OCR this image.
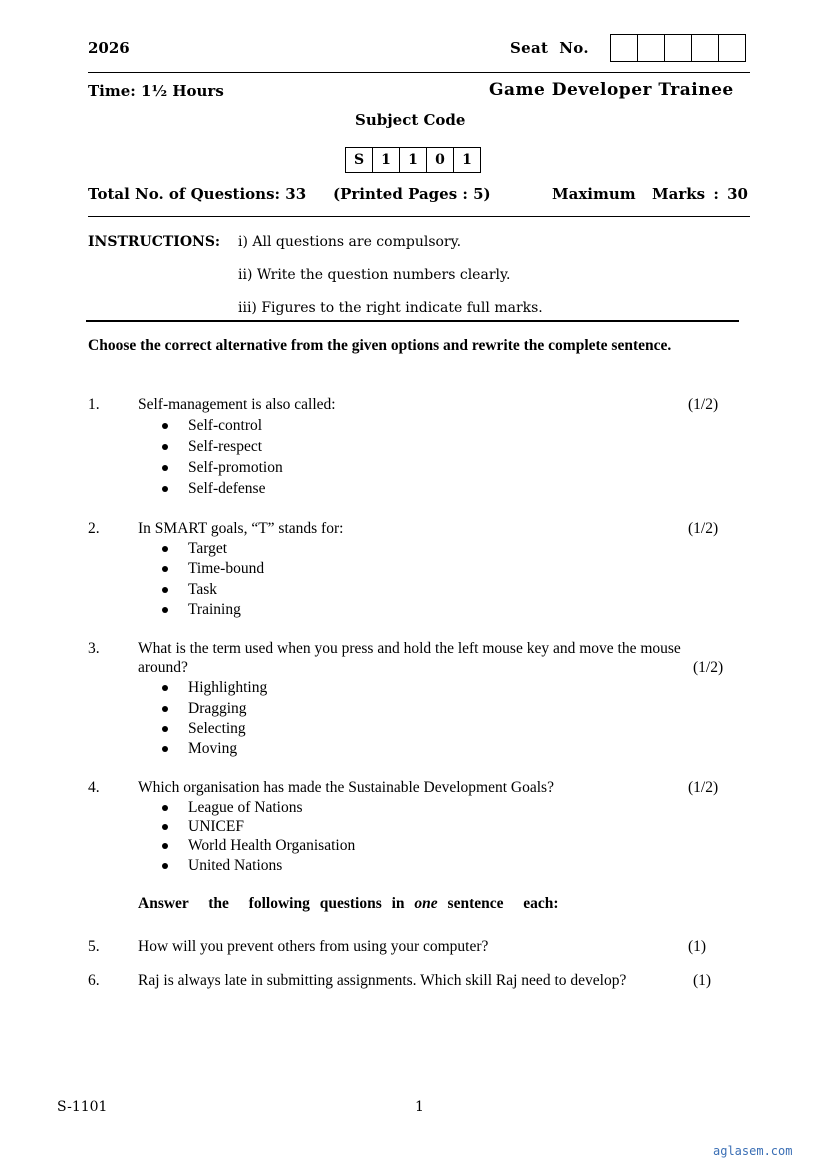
2026	Seat  No.
Time: 1½ Hours	Game Developer Trainee
Subject Code
S	1	1	0	1
Total No. of Questions: 33 (Printed Pages : 5)	Maximum  Marks : 30
INSTRUCTIONS: i) All questions are compulsory.
ii) Write the question numbers clearly.
iii) Figures to the right indicate full marks.
Choose the correct alternative from the given options and rewrite the complete sentence.
1. Self-management is also called:	(1/2)
Self-control
Self-respect
Self-promotion
Self-defense
2. In SMART goals, “T” stands for:	(1/2)
Target
Time-bound
Task
Training
3. What is the term used when you press and hold the left mouse key and move the mouse
around?	(1/2)
Highlighting
Dragging
Selecting
Moving
4. Which organisation has made the Sustainable Development Goals?	(1/2)
League of Nations
UNICEF
World Health Organisation
United Nations
Answer  the  following questions in one sentence  each:
5. How will you prevent others from using your computer?	(1)
6. Raj is always late in submitting assignments. Which skill Raj need to develop?	(1)
S-1101	1
aglasem.com
